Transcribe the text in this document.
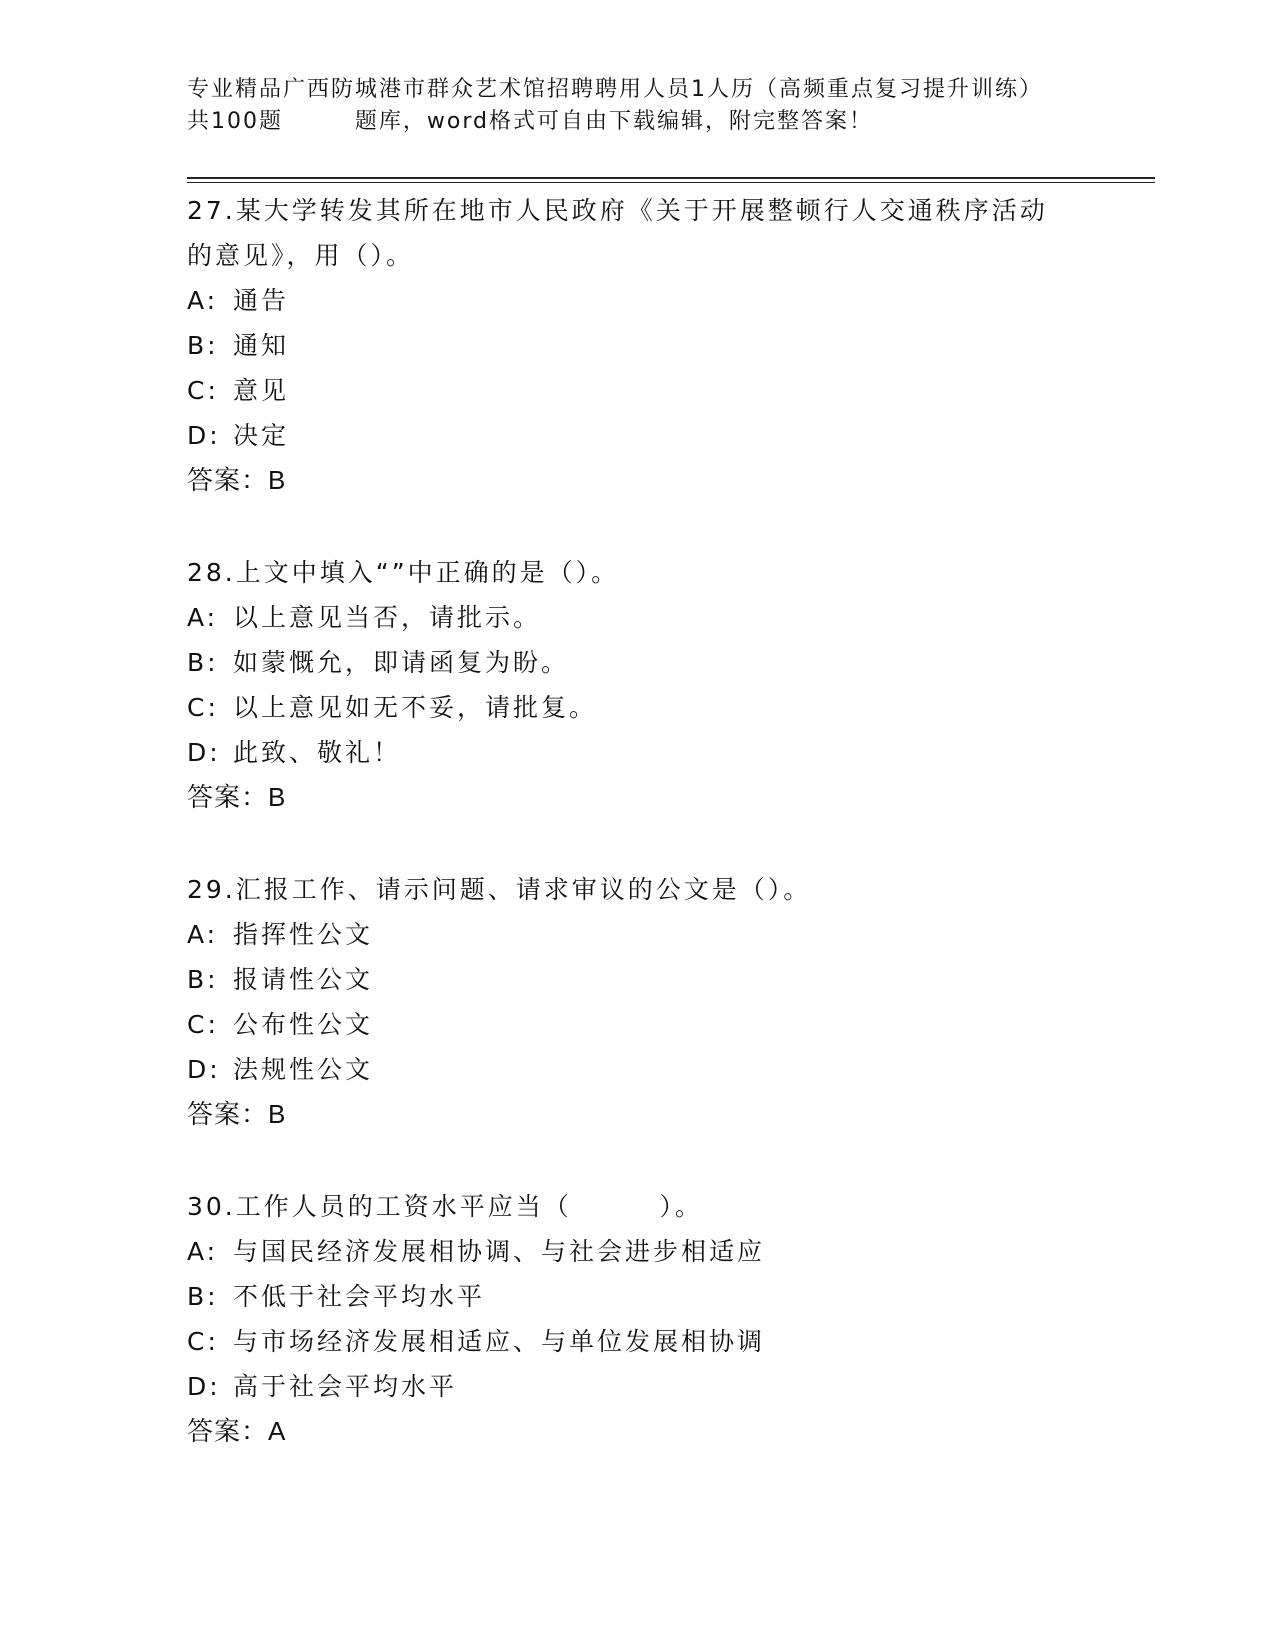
专业精品广西防城港市群众艺术馆招聘聘用人员1人历（高频重点复习提升训练）
共100题        题库，word格式可自由下载编辑，附完整答案！
27.某大学转发其所在地市人民政府《关于开展整顿行人交通秩序活动
的意见》，用（）。
A: 通告
B: 通知
C: 意见
D: 决定
答案：B
28.上文中填入“”中正确的是（）。
A: 以上意见当否，请批示。
B: 如蒙慨允，即请函复为盼。
C: 以上意见如无不妥，请批复。
D: 此致、敬礼！
答案：B
29.汇报工作、请示问题、请求审议的公文是（）。
A: 指挥性公文
B: 报请性公文
C: 公布性公文
D: 法规性公文
答案：B
30.工作人员的工资水平应当（        ）。
A: 与国民经济发展相协调、与社会进步相适应
B: 不低于社会平均水平
C: 与市场经济发展相适应、与单位发展相协调
D: 高于社会平均水平
答案：A
